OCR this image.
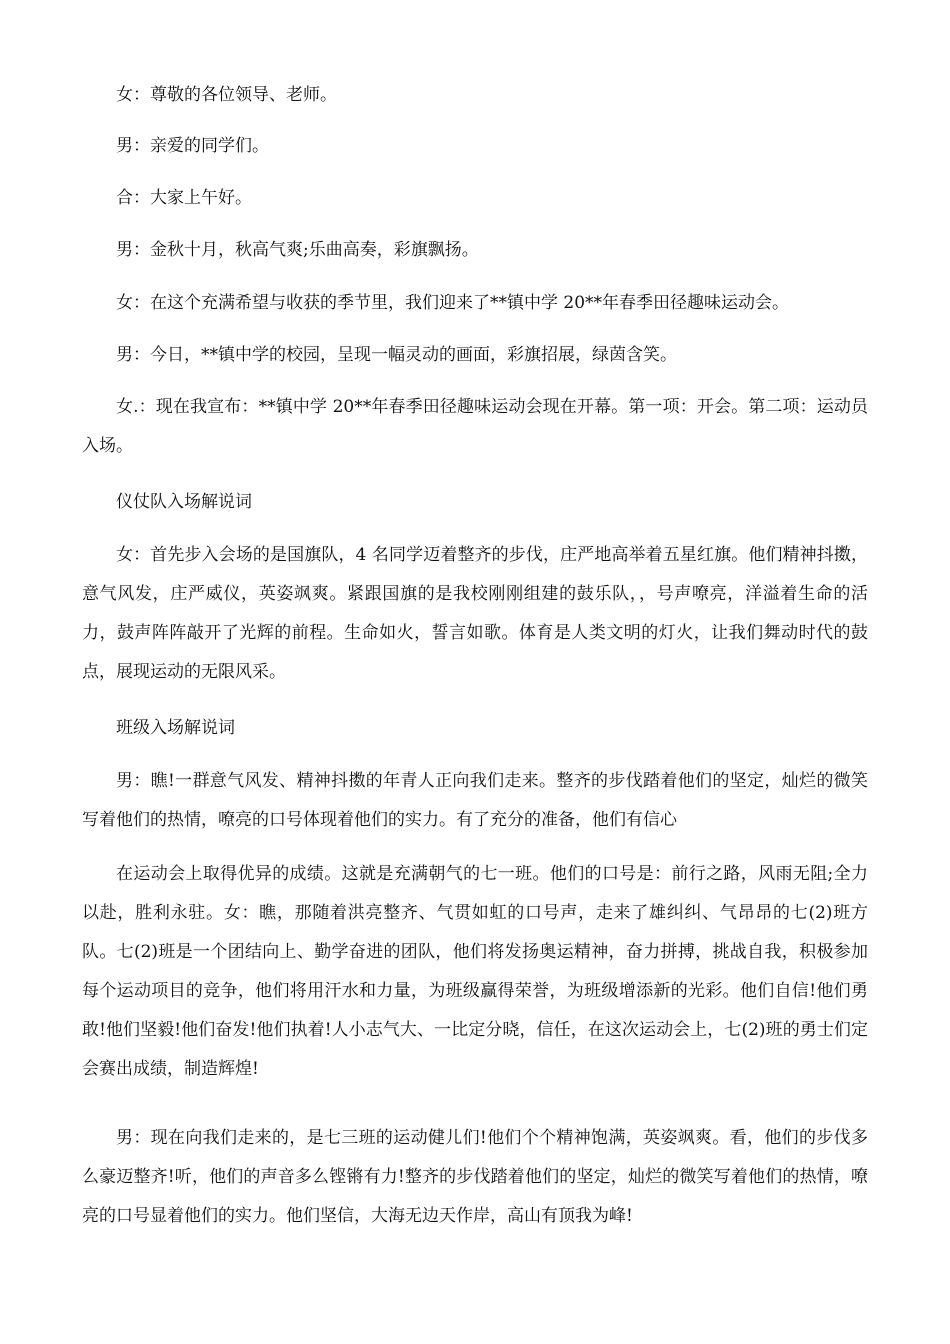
女：尊敬的各位领导、老师。

男：亲爱的同学们。

合：大家上午好。

男：金秋十月，秋高气爽;乐曲高奏，彩旗飘扬。

女：在这个充满希望与收获的季节里，我们迎来了**镇中学 20**年春季田径趣味运动会。

男：今日，**镇中学的校园，呈现一幅灵动的画面，彩旗招展，绿茵含笑。

女.：现在我宣布：**镇中学 20**年春季田径趣味运动会现在开幕。第一项：开会。第二项：运动员入场。

仪仗队入场解说词

女：首先步入会场的是国旗队，4 名同学迈着整齐的步伐，庄严地高举着五星红旗。他们精神抖擞，意气风发，庄严威仪，英姿飒爽。紧跟国旗的是我校刚刚组建的鼓乐队，，号声嘹亮，洋溢着生命的活力，鼓声阵阵敲开了光辉的前程。生命如火，誓言如歌。体育是人类文明的灯火，让我们舞动时代的鼓点，展现运动的无限风采。

班级入场解说词

男：瞧!一群意气风发、精神抖擞的年青人正向我们走来。整齐的步伐踏着他们的坚定，灿烂的微笑写着他们的热情，嘹亮的口号体现着他们的实力。有了充分的准备，他们有信心

在运动会上取得优异的成绩。这就是充满朝气的七一班。他们的口号是：前行之路，风雨无阻;全力以赴，胜利永驻。女：瞧，那随着洪亮整齐、气贯如虹的口号声，走来了雄纠纠、气昂昂的七(2)班方队。七(2)班是一个团结向上、勤学奋进的团队，他们将发扬奥运精神，奋力拼搏，挑战自我，积极参加每个运动项目的竞争，他们将用汗水和力量，为班级赢得荣誉，为班级增添新的光彩。他们自信!他们勇敢!他们坚毅!他们奋发!他们执着!人小志气大、一比定分晓，信任，在这次运动会上，七(2)班的勇士们定会赛出成绩，制造辉煌!

男：现在向我们走来的，是七三班的运动健儿们!他们个个精神饱满，英姿飒爽。看，他们的步伐多么豪迈整齐!听，他们的声音多么铿锵有力!整齐的步伐踏着他们的坚定，灿烂的微笑写着他们的热情，嘹亮的口号显着他们的实力。他们坚信，大海无边天作岸，高山有顶我为峰!
